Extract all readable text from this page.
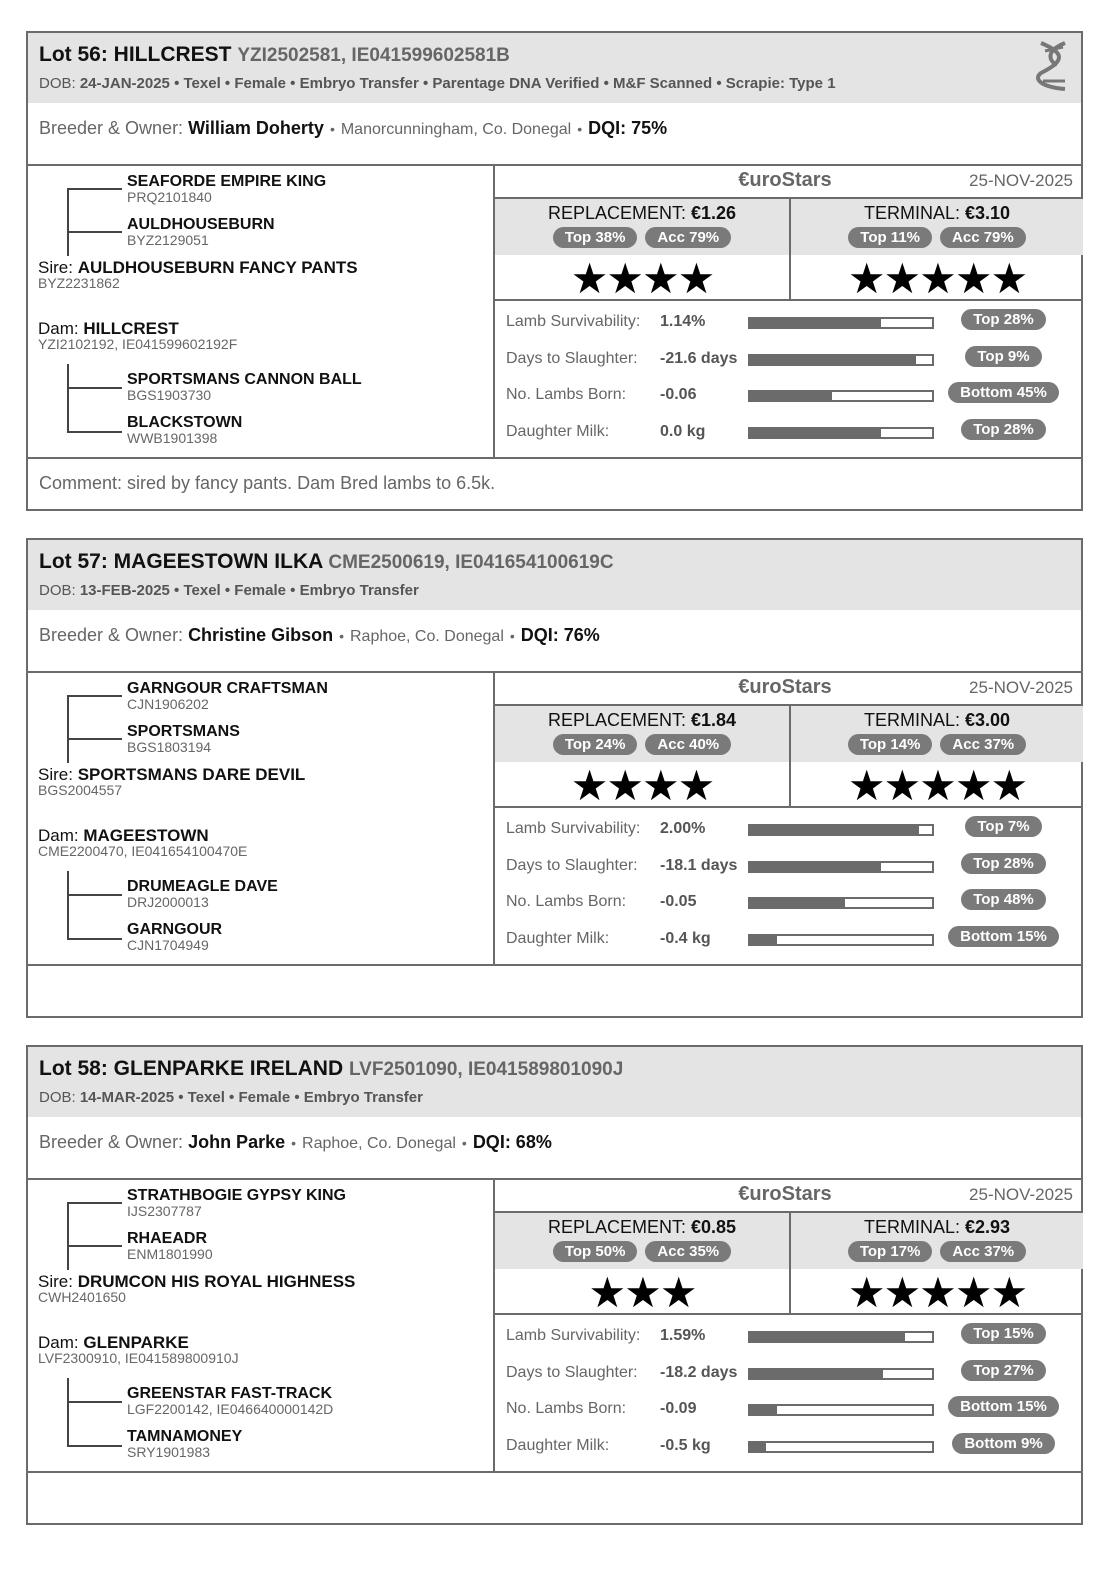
Lot 56: HILLCREST YZI2502581, IE041599602581B
DOB: 24-JAN-2025 • Texel • Female • Embryo Transfer • Parentage DNA Verified • M&F Scanned • Scrapie: Type 1
Breeder & Owner: William Doherty • Manorcunningham, Co. Donegal • DQI: 75%
SEAFORDE EMPIRE KING
PRQ2101840
AULDHOUSEBURN
BYZ2129051
Sire: AULDHOUSEBURN FANCY PANTS
BYZ2231862
Dam: HILLCREST
YZI2102192, IE041599602192F
SPORTSMANS CANNON BALL
BGS1903730
BLACKSTOWN
WWB1901398
€uroStars	25-NOV-2025
REPLACEMENT: €1.26
Top 38% Acc 79%
★★★★
TERMINAL: €3.10
Top 11% Acc 79%
★★★★★
Lamb Survivability: 1.14%	Top 28%
Days to Slaughter: -21.6 days	Top 9%
No. Lambs Born: -0.06	Bottom 45%
Daughter Milk:	0.0 kg	Top 28%
Comment: sired by fancy pants. Dam Bred lambs to 6.5k.
Lot 57: MAGEESTOWN ILKA CME2500619, IE041654100619C
DOB: 13-FEB-2025 • Texel • Female • Embryo Transfer
Breeder & Owner: Christine Gibson • Raphoe, Co. Donegal • DQI: 76%
GARNGOUR CRAFTSMAN
CJN1906202
SPORTSMANS
BGS1803194
Sire: SPORTSMANS DARE DEVIL
BGS2004557
Dam: MAGEESTOWN
CME2200470, IE041654100470E
DRUMEAGLE DAVE
DRJ2000013
GARNGOUR
CJN1704949
€uroStars	25-NOV-2025
REPLACEMENT: €1.84
Top 24% Acc 40%
★★★★
TERMINAL: €3.00
Top 14% Acc 37%
★★★★★
Lamb Survivability: 2.00%	Top 7%
Days to Slaughter: -18.1 days	Top 28%
No. Lambs Born: -0.05	Top 48%
Daughter Milk:	-0.4 kg	Bottom 15%
Lot 58: GLENPARKE IRELAND LVF2501090, IE041589801090J
DOB: 14-MAR-2025 • Texel • Female • Embryo Transfer
Breeder & Owner: John Parke • Raphoe, Co. Donegal • DQI: 68%
STRATHBOGIE GYPSY KING
IJS2307787
RHAEADR
ENM1801990
Sire: DRUMCON HIS ROYAL HIGHNESS
CWH2401650
Dam: GLENPARKE
LVF2300910, IE041589800910J
GREENSTAR FAST-TRACK
LGF2200142, IE046640000142D
TAMNAMONEY
SRY1901983
€uroStars	25-NOV-2025
REPLACEMENT: €0.85
Top 50% Acc 35%
★★★
TERMINAL: €2.93
Top 17% Acc 37%
★★★★★
Lamb Survivability: 1.59%	Top 15%
Days to Slaughter: -18.2 days	Top 27%
No. Lambs Born: -0.09	Bottom 15%
Daughter Milk:	-0.5 kg	Bottom 9%
